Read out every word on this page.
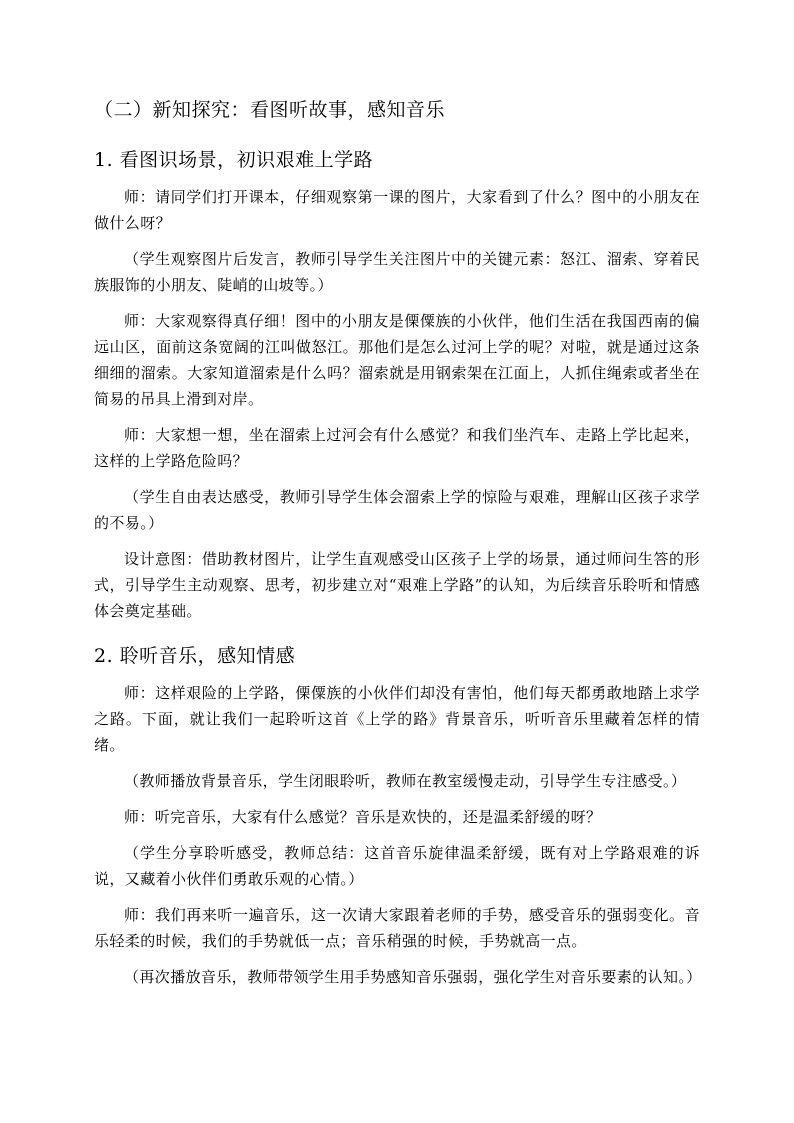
（二）新知探究：看图听故事，感知音乐
1. 看图识场景，初识艰难上学路

师：请同学们打开课本，仔细观察第一课的图片，大家看到了什么？图中的小朋友在做什么呀？

（学生观察图片后发言，教师引导学生关注图片中的关键元素：怒江、溜索、穿着民族服饰的小朋友、陡峭的山坡等。）

师：大家观察得真仔细！图中的小朋友是傈僳族的小伙伴，他们生活在我国西南的偏远山区，面前这条宽阔的江叫做怒江。那他们是怎么过河上学的呢？对啦，就是通过这条细细的溜索。大家知道溜索是什么吗？溜索就是用钢索架在江面上，人抓住绳索或者坐在简易的吊具上滑到对岸。

师：大家想一想，坐在溜索上过河会有什么感觉？和我们坐汽车、走路上学比起来，这样的上学路危险吗？

（学生自由表达感受，教师引导学生体会溜索上学的惊险与艰难，理解山区孩子求学的不易。）

设计意图：借助教材图片，让学生直观感受山区孩子上学的场景，通过师问生答的形式，引导学生主动观察、思考，初步建立对“艰难上学路”的认知，为后续音乐聆听和情感体会奠定基础。

2. 聆听音乐，感知情感

师：这样艰险的上学路，傈僳族的小伙伴们却没有害怕，他们每天都勇敢地踏上求学之路。下面，就让我们一起聆听这首《上学的路》背景音乐，听听音乐里藏着怎样的情绪。

（教师播放背景音乐，学生闭眼聆听，教师在教室缓慢走动，引导学生专注感受。）

师：听完音乐，大家有什么感觉？音乐是欢快的，还是温柔舒缓的呀？

（学生分享聆听感受，教师总结：这首音乐旋律温柔舒缓，既有对上学路艰难的诉说，又藏着小伙伴们勇敢乐观的心情。）

师：我们再来听一遍音乐，这一次请大家跟着老师的手势，感受音乐的强弱变化。音乐轻柔的时候，我们的手势就低一点；音乐稍强的时候，手势就高一点。

（再次播放音乐，教师带领学生用手势感知音乐强弱，强化学生对音乐要素的认知。）
